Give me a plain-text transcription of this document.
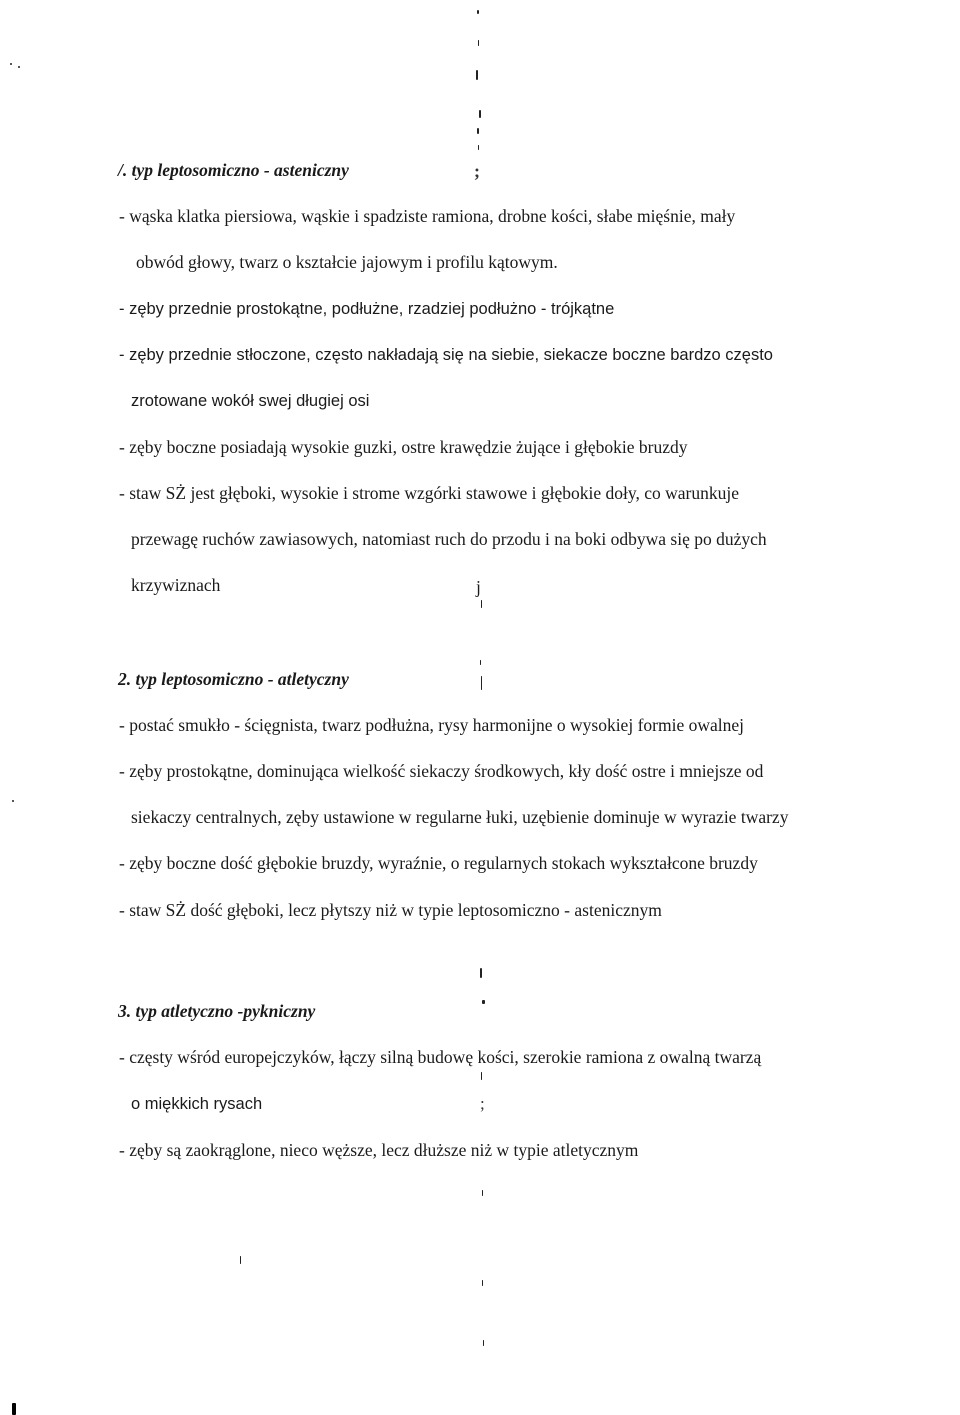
/. typ leptosomiczno - asteniczny	;
- wąska klatka piersiowa, wąskie i spadziste ramiona, drobne kości, słabe mięśnie, mały
obwód głowy, twarz o kształcie jajowym i profilu kątowym.
- zęby przednie prostokątne, podłużne, rzadziej podłużno - trójkątne
- zęby przednie stłoczone, często nakładają się na siebie, siekacze boczne bardzo często
zrotowane wokół swej długiej osi
- zęby boczne posiadają wysokie guzki, ostre krawędzie żujące i głębokie bruzdy
- staw SŻ jest głęboki, wysokie i strome wzgórki stawowe i głębokie doły, co warunkuje
przewagę ruchów zawiasowych, natomiast ruch do przodu i na boki odbywa się po dużych
krzywiznach	j
2. typ leptosomiczno - atletyczny
- postać smukło - ścięgnista, twarz podłużna, rysy harmonijne o wysokiej formie owalnej
- zęby prostokątne, dominująca wielkość siekaczy środkowych, kły dość ostre i mniejsze od
siekaczy centralnych, zęby ustawione w regularne łuki, uzębienie dominuje w wyrazie twarzy
- zęby boczne dość głębokie bruzdy, wyraźnie, o regularnych stokach wykształcone bruzdy
- staw SŻ dość głęboki, lecz płytszy niż w typie leptosomiczno - astenicznym
3. typ atletyczno -pykniczny
- częsty wśród europejczyków, łączy silną budowę kości, szerokie ramiona z owalną twarzą
o miękkich rysach	;
- zęby są zaokrąglone, nieco węższe, lecz dłuższe niż w typie atletycznym
